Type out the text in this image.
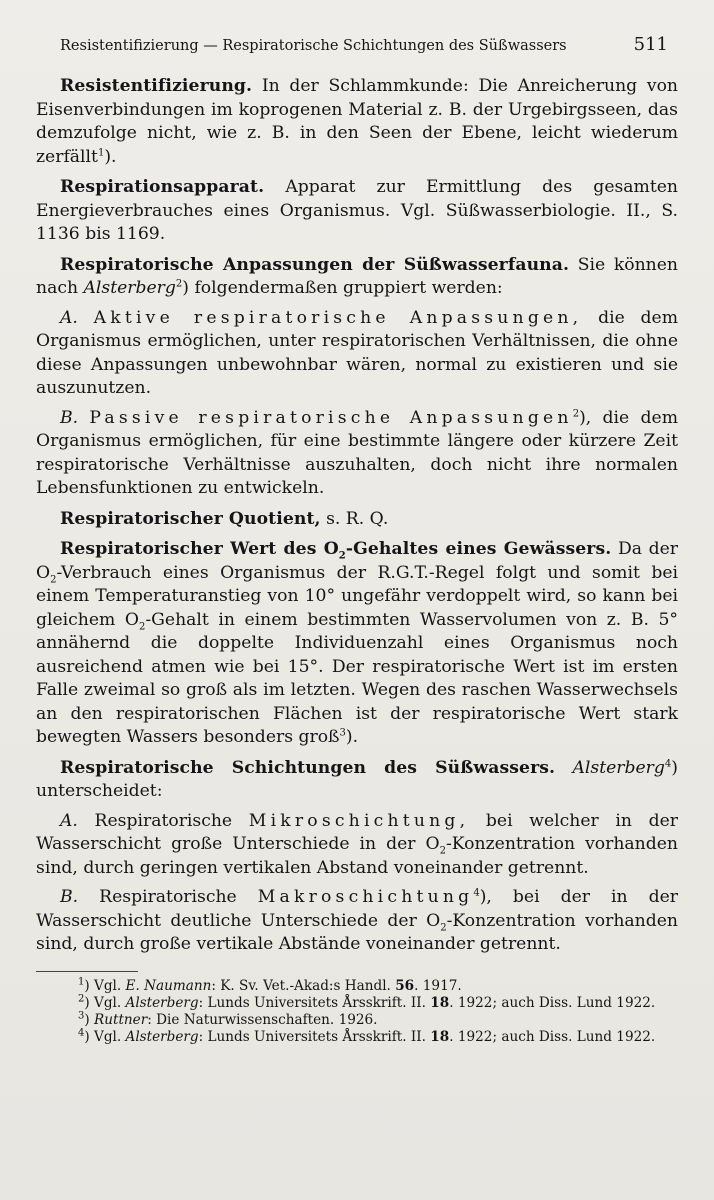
Resistentifizierung — Respiratorische Schichtungen des Süßwassers	511

Resistentifizierung. In der Schlammkunde: Die Anreicherung von Eisenverbindungen im koprogenen Material z. B. der Urgebirgsseen, das demzufolge nicht, wie z. B. in den Seen der Ebene, leicht wiederum zerfällt$^1$).

Respirationsapparat. Apparat zur Ermittlung des gesamten Energieverbrauches eines Organismus. Vgl. Süßwasserbiologie. II., S. 1136 bis 1169.

Respiratorische Anpassungen der Süßwasserfauna. Sie können nach Alsterberg$^2$) folgendermaßen gruppiert werden:

A. Aktive respiratorische Anpassungen, die dem Organismus ermöglichen, unter respiratorischen Verhältnissen, die ohne diese Anpassungen unbewohnbar wären, normal zu existieren und sie auszunutzen.

B. Passive respiratorische Anpassungen$^2$), die dem Organismus ermöglichen, für eine bestimmte längere oder kürzere Zeit respiratorische Verhältnisse auszuhalten, doch nicht ihre normalen Lebensfunktionen zu entwickeln.

Respiratorischer Quotient, s. R. Q.

Respiratorischer Wert des $O_2$-Gehaltes eines Gewässers. Da der $O_2$-Verbrauch eines Organismus der R.G.T.-Regel folgt und somit bei einem Temperaturanstieg von 10° ungefähr verdoppelt wird, so kann bei gleichem $O_2$-Gehalt in einem bestimmten Wasservolumen von z. B. 5° annähernd die doppelte Individuenzahl eines Organismus noch ausreichend atmen wie bei 15°. Der respiratorische Wert ist im ersten Falle zweimal so groß als im letzten. Wegen des raschen Wasserwechsels an den respiratorischen Flächen ist der respiratorische Wert stark bewegten Wassers besonders groß$^3$).

Respiratorische Schichtungen des Süßwassers. Alsterberg$^4$) unterscheidet:

A. Respiratorische Mikroschichtung, bei welcher in der Wasserschicht große Unterschiede in der $O_2$-Konzentration vorhanden sind, durch geringen vertikalen Abstand voneinander getrennt.

B. Respiratorische Makroschichtung$^4$), bei der in der Wasserschicht deutliche Unterschiede der $O_2$-Konzentration vorhanden sind, durch große vertikale Abstände voneinander getrennt.

$^1$) Vgl. E. Naumann: K. Sv. Vet.-Akad:s Handl. 56. 1917.

$^2$) Vgl. Alsterberg: Lunds Universitets Årsskrift. II. 18. 1922; auch Diss. Lund 1922.

$^3$) Ruttner: Die Naturwissenschaften. 1926.

$^4$) Vgl. Alsterberg: Lunds Universitets Årsskrift. II. 18. 1922; auch Diss. Lund 1922.
